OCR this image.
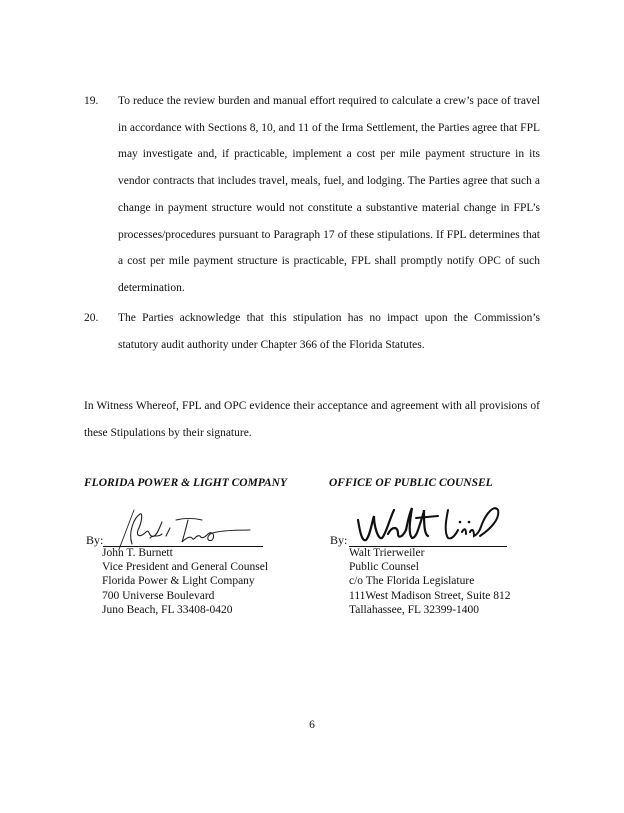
19. To reduce the review burden and manual effort required to calculate a crew’s pace of travel in accordance with Sections 8, 10, and 11 of the Irma Settlement, the Parties agree that FPL may investigate and, if practicable, implement a cost per mile payment structure in its vendor contracts that includes travel, meals, fuel, and lodging. The Parties agree that such a change in payment structure would not constitute a substantive material change in FPL’s processes/procedures pursuant to Paragraph 17 of these stipulations. If FPL determines that a cost per mile payment structure is practicable, FPL shall promptly notify OPC of such determination.
20. The Parties acknowledge that this stipulation has no impact upon the Commission’s statutory audit authority under Chapter 366 of the Florida Statutes.
In Witness Whereof, FPL and OPC evidence their acceptance and agreement with all provisions of these Stipulations by their signature.
FLORIDA POWER & LIGHT COMPANY	OFFICE OF PUBLIC COUNSEL
By:	By:
John T. Burnett
Vice President and General Counsel
Florida Power & Light Company
700 Universe Boulevard
Juno Beach, FL 33408-0420
Walt Trierweiler
Public Counsel
c/o The Florida Legislature
111West Madison Street, Suite 812
Tallahassee, FL 32399-1400
6
